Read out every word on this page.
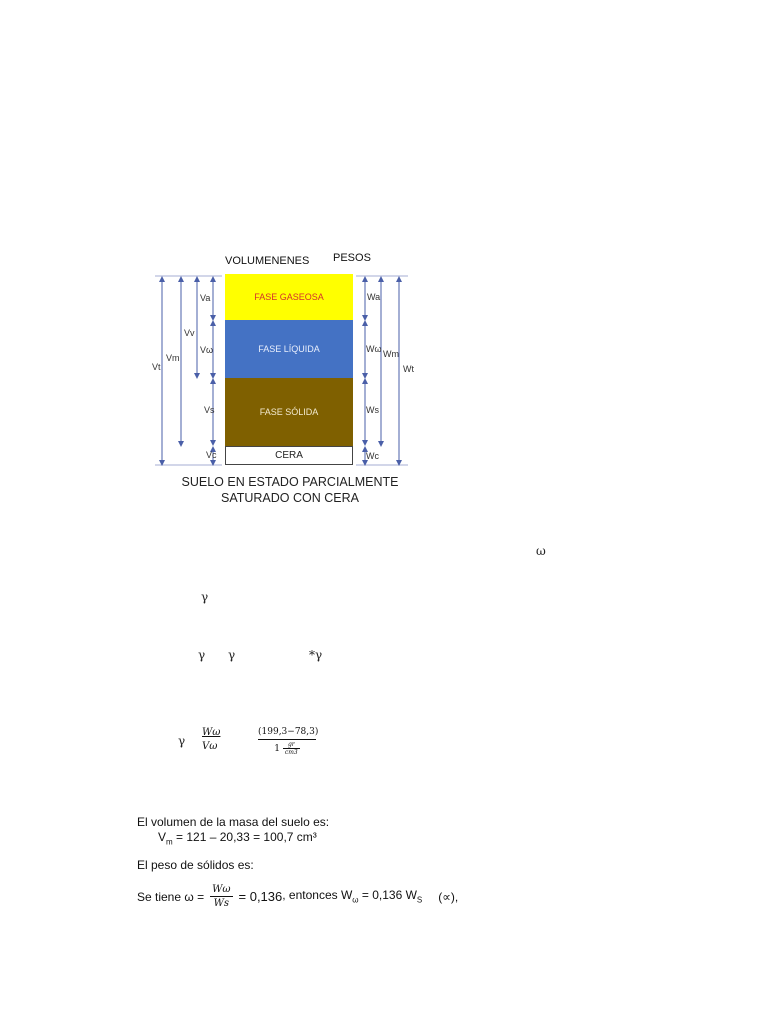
VOLUMENENES PESOS
FASE GASEOSA
FASE LÍQUIDA
FASE SÓLIDA
CERA
Vt
Vm
Vv
Va
Vω
Vs
Vc
Wa
Wω
Ws
Wc
Wm
Wt
SUELO EN ESTADO PARCIALMENTE
SATURADO CON CERA
ω
γ
γ γ	*γ
γ $\frac{W\omega}{V\omega}$	$\frac{(199,3-78,3)}{1 \frac{gr}{cm3}}$
El volumen de la masa del suelo es:
$V_m = 121 - 20,33 = 100,7$ cm³
El peso de sólidos es:
Se tiene $\omega = \frac{W\omega}{Ws} = 0,136$ , entonces $W_\omega = 0,136$ $W_S$ (∝),
